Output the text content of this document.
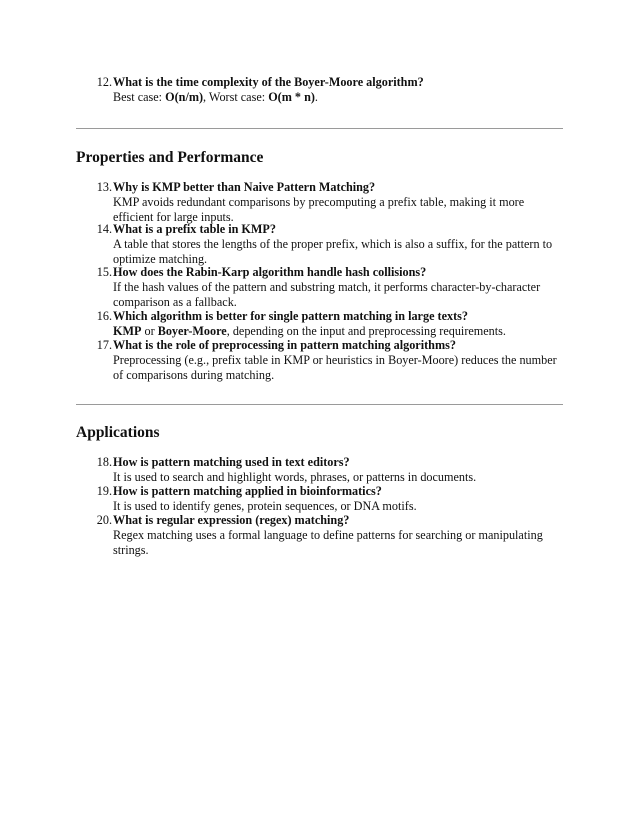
12. What is the time complexity of the Boyer-Moore algorithm?
Best case: O(n/m), Worst case: O(m * n).
Properties and Performance
13. Why is KMP better than Naive Pattern Matching?
KMP avoids redundant comparisons by precomputing a prefix table, making it more efficient for large inputs.
14. What is a prefix table in KMP?
A table that stores the lengths of the proper prefix, which is also a suffix, for the pattern to optimize matching.
15. How does the Rabin-Karp algorithm handle hash collisions?
If the hash values of the pattern and substring match, it performs character-by-character comparison as a fallback.
16. Which algorithm is better for single pattern matching in large texts?
KMP or Boyer-Moore, depending on the input and preprocessing requirements.
17. What is the role of preprocessing in pattern matching algorithms?
Preprocessing (e.g., prefix table in KMP or heuristics in Boyer-Moore) reduces the number of comparisons during matching.
Applications
18. How is pattern matching used in text editors?
It is used to search and highlight words, phrases, or patterns in documents.
19. How is pattern matching applied in bioinformatics?
It is used to identify genes, protein sequences, or DNA motifs.
20. What is regular expression (regex) matching?
Regex matching uses a formal language to define patterns for searching or manipulating strings.
